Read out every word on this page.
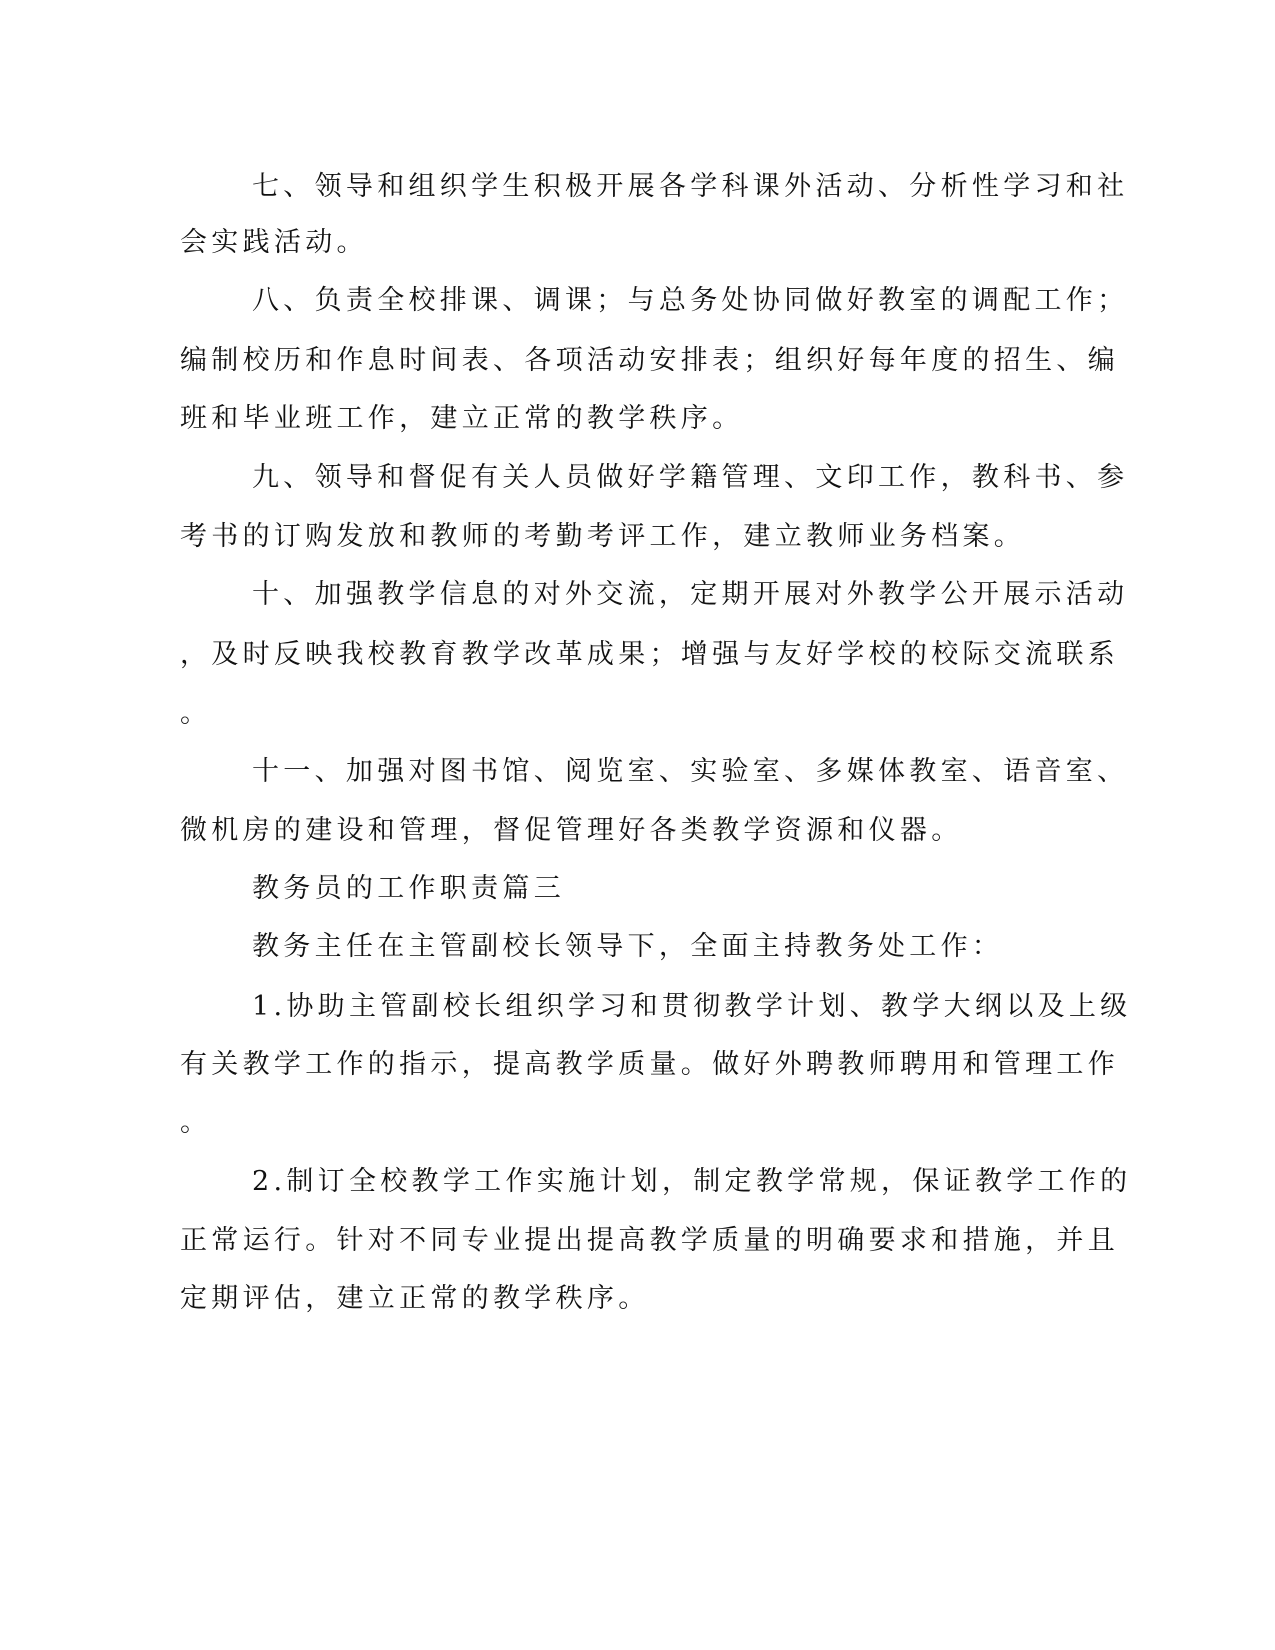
七、领导和组织学生积极开展各学科课外活动、分析性学习和社

会实践活动。

八、负责全校排课、调课；与总务处协同做好教室的调配工作；

编制校历和作息时间表、各项活动安排表；组织好每年度的招生、编

班和毕业班工作，建立正常的教学秩序。

九、领导和督促有关人员做好学籍管理、文印工作，教科书、参

考书的订购发放和教师的考勤考评工作，建立教师业务档案。

十、加强教学信息的对外交流，定期开展对外教学公开展示活动

，及时反映我校教育教学改革成果；增强与友好学校的校际交流联系

。

十一、加强对图书馆、阅览室、实验室、多媒体教室、语音室、

微机房的建设和管理，督促管理好各类教学资源和仪器。

教务员的工作职责篇三

教务主任在主管副校长领导下，全面主持教务处工作：

1.协助主管副校长组织学习和贯彻教学计划、教学大纲以及上级

有关教学工作的指示，提高教学质量。做好外聘教师聘用和管理工作

。

2.制订全校教学工作实施计划，制定教学常规，保证教学工作的

正常运行。针对不同专业提出提高教学质量的明确要求和措施，并且

定期评估，建立正常的教学秩序。
